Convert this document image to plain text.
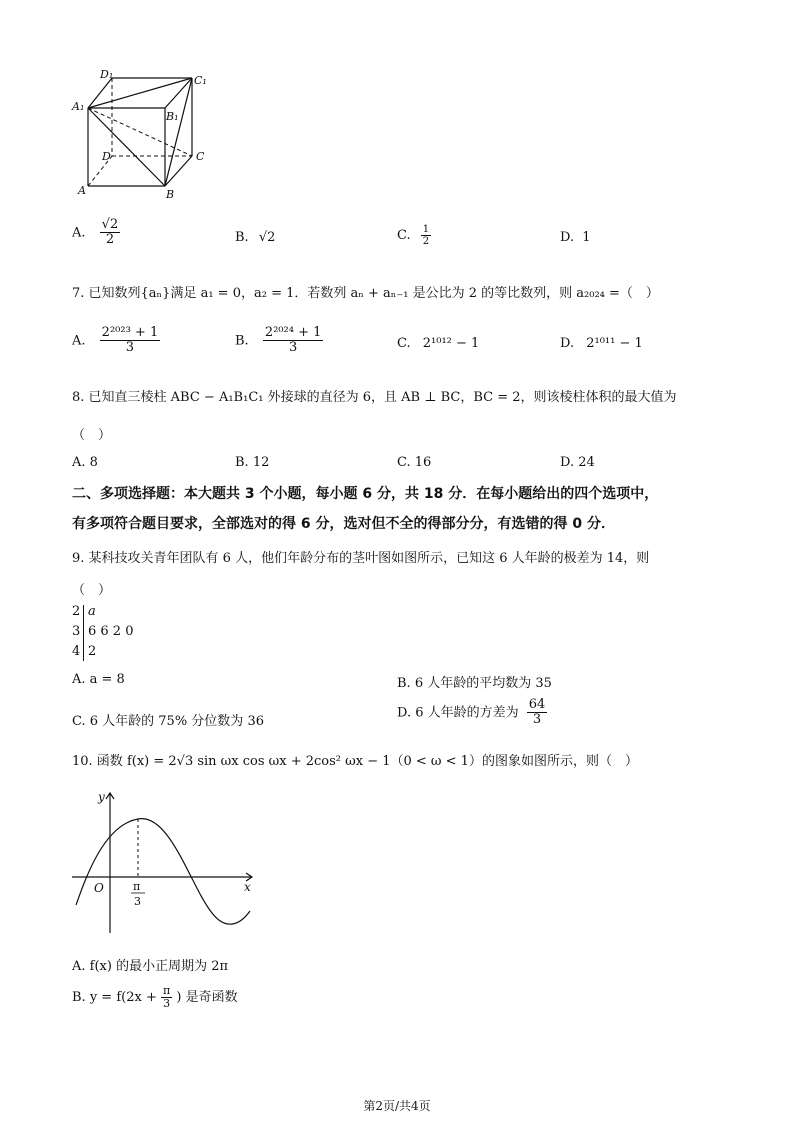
D₁	C₁
A₁
B₁
D	C
A	B
A. $\frac{√2}{2}$	B. √2	C. $\frac{1}{2}$	D. 1
7. 已知数列{aₙ}满足 a₁ = 0，a₂ = 1．若数列 aₙ + aₙ₋₁ 是公比为 2 的等比数列，则 a₂₀₂₄ =（　）
A. $\frac{\text{2²⁰²³ + 1}}{3}$	B. $\frac{\text{2²⁰²⁴ + 1}}{3}$	C. 2¹⁰¹² − 1	D. 2¹⁰¹¹ − 1
8. 已知直三棱柱 ABC − A₁B₁C₁ 外接球的直径为 6，且 AB ⊥ BC，BC = 2，则该棱柱体积的最大值为
（　）
A. 8	B. 12	C. 16	D. 24
二、多项选择题：本大题共 3 个小题，每小题 6 分，共 18 分．在每小题给出的四个选项中，
有多项符合题目要求，全部选对的得 6 分，选对但不全的得部分分，有选错的得 0 分．
9. 某科技攻关青年团队有 6 人，他们年龄分布的茎叶图如图所示，已知这 6 人年龄的极差为 14，则
（　）
2 a
3 6 6 2 0
4 2
A. a = 8	B. 6 人年龄的平均数为 35
C. 6 人年龄的 75% 分位数为 36
D. 6 人年龄的方差为 $\frac{64}{3}$
10. 函数 f(x) = 2√3 sin ωx cos ωx + 2cos² ωx − 1（0 < ω < 1）的图象如图所示，则（　）
y
x
O	π
3
A. f(x) 的最小正周期为 2π
B. $y = f(2x + \frac{\pi}{3}$ ) 是奇函数
第2页/共4页
